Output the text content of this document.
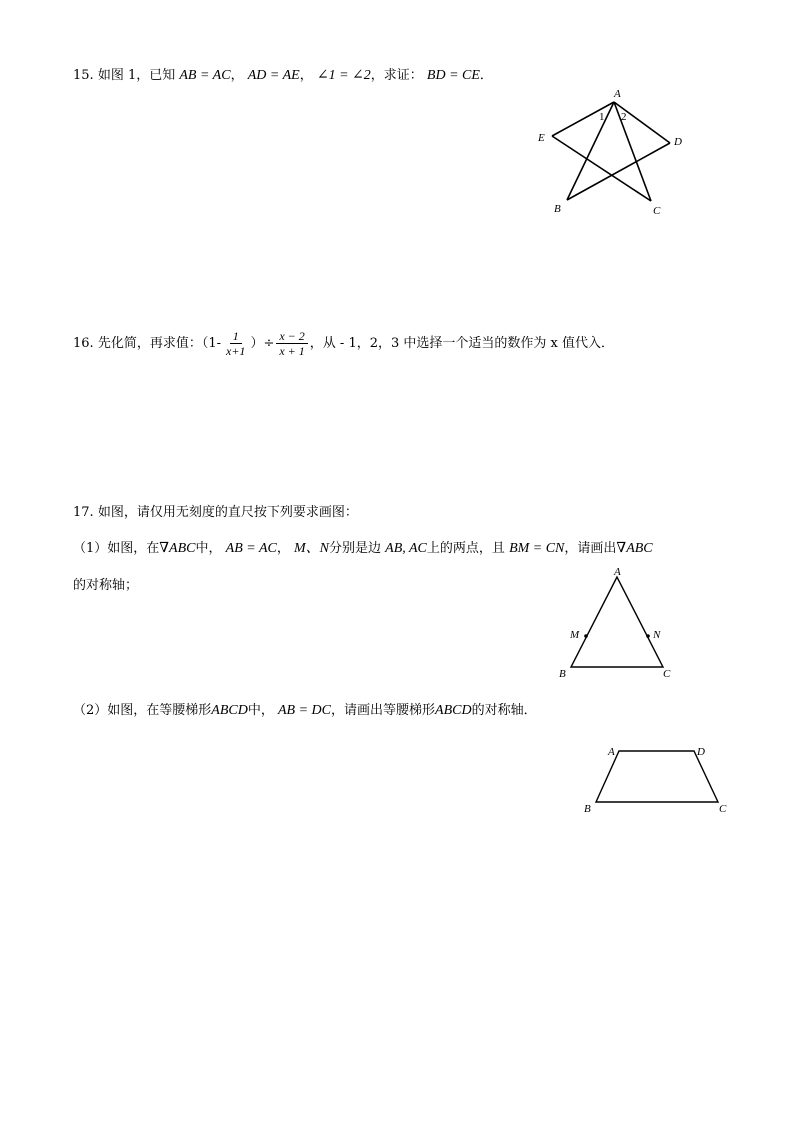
15. 如图 1，已知 AB = AC， AD = AE， ∠1 = ∠2，求证： BD = CE．
A
B	C
D
E
1 2
16. 先化简，再求值：（$1- \frac{1}{x+1}$ ）÷ $\frac{x - 2}{x + 1}$ ，从 - 1，2，3 中选择一个适当的数作为 x 值代入．
17. 如图，请仅用无刻度的直尺按下列要求画图：
（1）如图，在∇ABC中， AB = AC， M、N分别是边 AB, AC上的两点，且 BM = CN，请画出∇ABC
的对称轴；
A
B	C
M	N
（2）如图，在等腰梯形ABCD中， AB = DC，请画出等腰梯形ABCD的对称轴．
A	D
B	C
